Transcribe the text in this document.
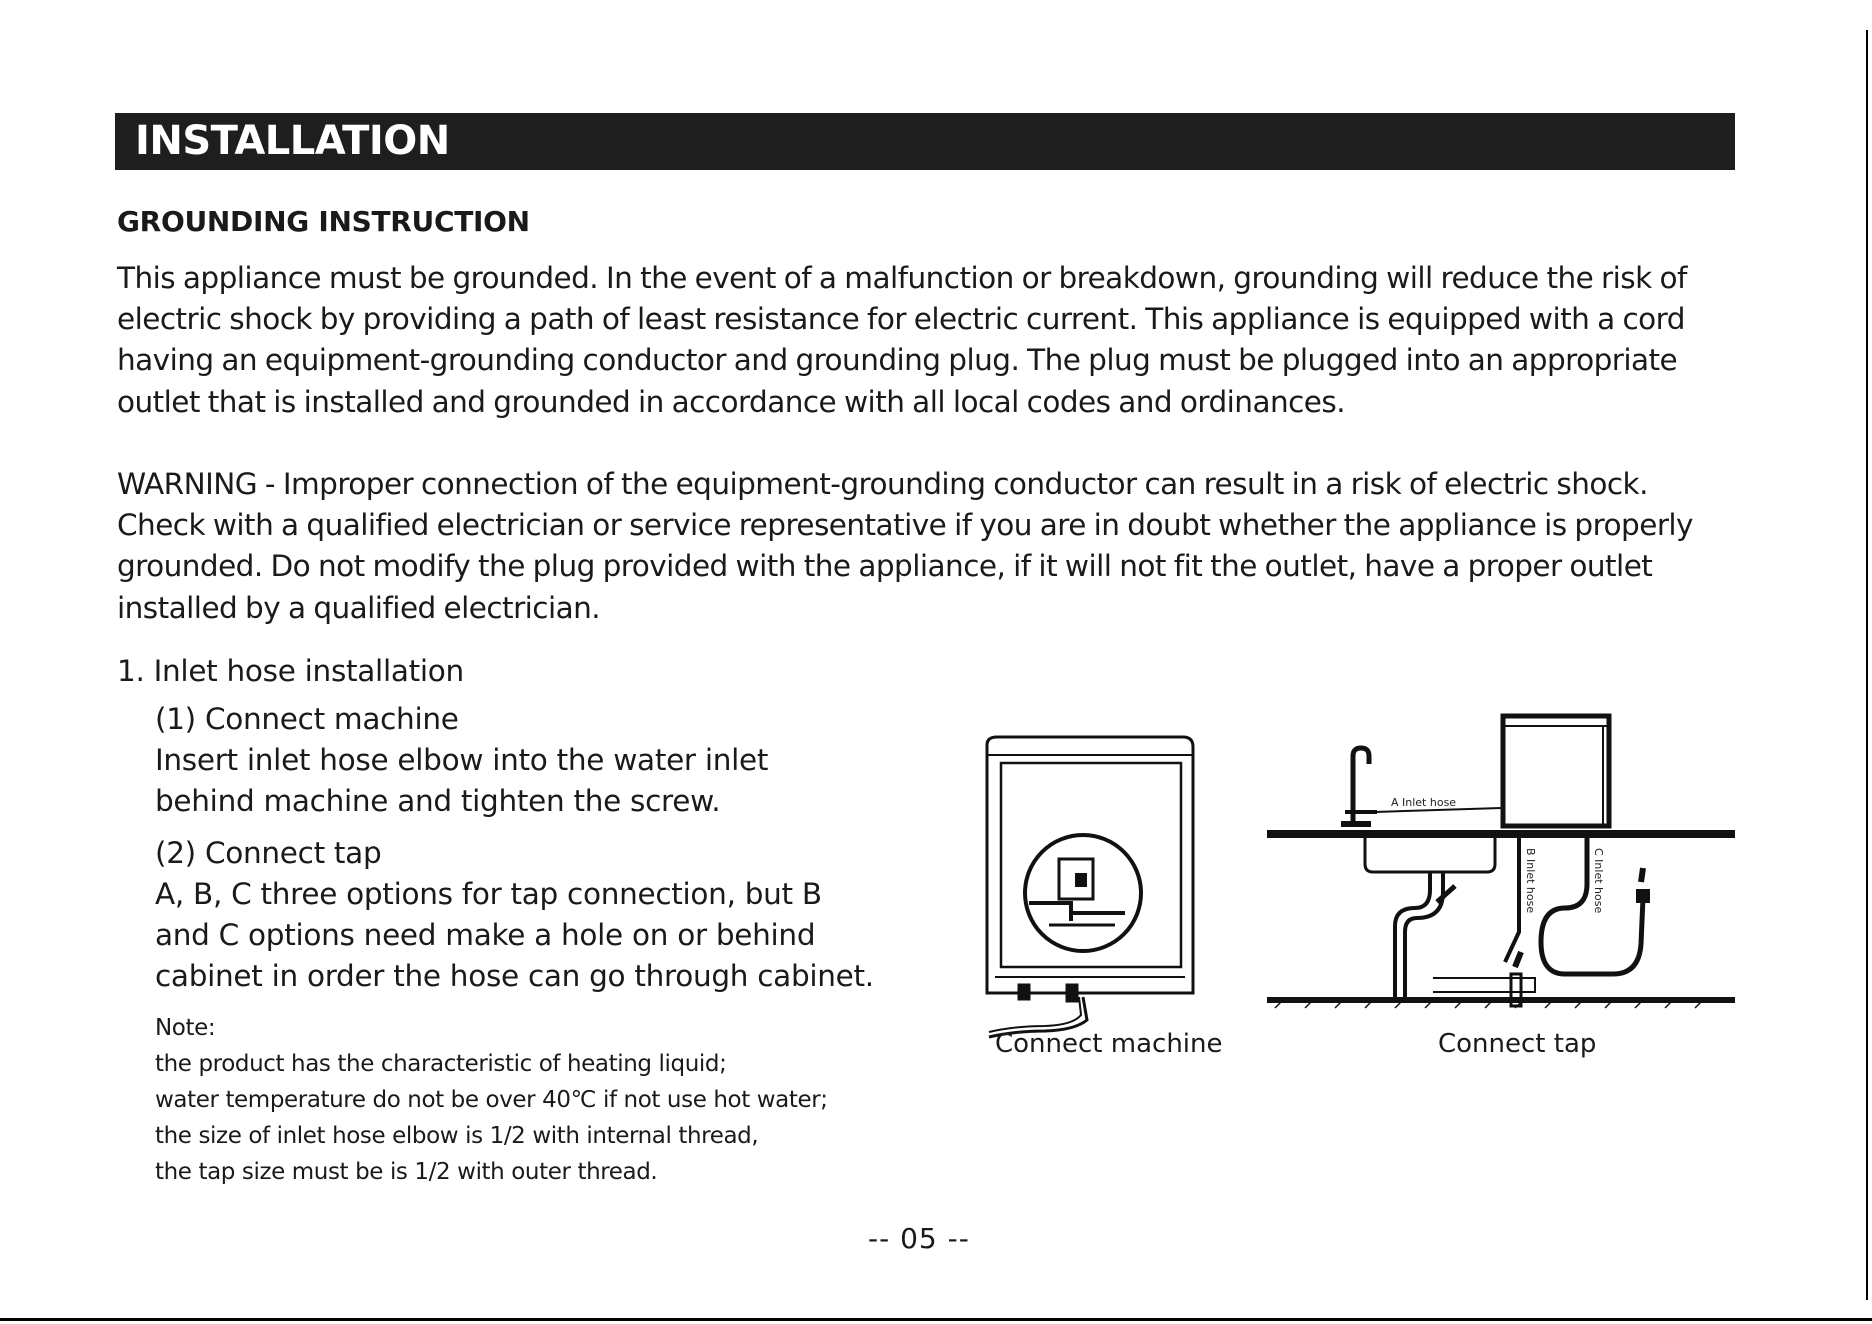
INSTALLATION
GROUNDING INSTRUCTION

This appliance must be grounded. In the event of a malfunction or breakdown, grounding will reduce the risk of electric shock by providing a path of least resistance for electric current. This appliance is equipped with a cord having an equipment-grounding conductor and grounding plug. The plug must be plugged into an appropriate outlet that is installed and grounded in accordance with all local codes and ordinances.

WARNING - Improper connection of the equipment-grounding conductor can result in a risk of electric shock. Check with a qualified electrician or service representative if you are in doubt whether the appliance is properly grounded. Do not modify the plug provided with the appliance, if it will not fit the outlet, have a proper outlet installed by a qualified electrician.

1. Inlet hose installation
(1) Connect machine
Insert inlet hose elbow into the water inlet
behind machine and tighten the screw.
(2) Connect tap
A, B, C three options for tap connection, but B
and C options need make a hole on or behind
cabinet in order the hose can go through cabinet.
Note:
the product has the characteristic of heating liquid;
water temperature do not be over 40℃ if not use hot water;
the size of inlet hose elbow is 1/2 with internal thread,
the tap size must be is 1/2 with outer thread.
Connect machine
A Inlet hose
B Inlet hose	C Inlet hose
Connect tap
-- 05 --
